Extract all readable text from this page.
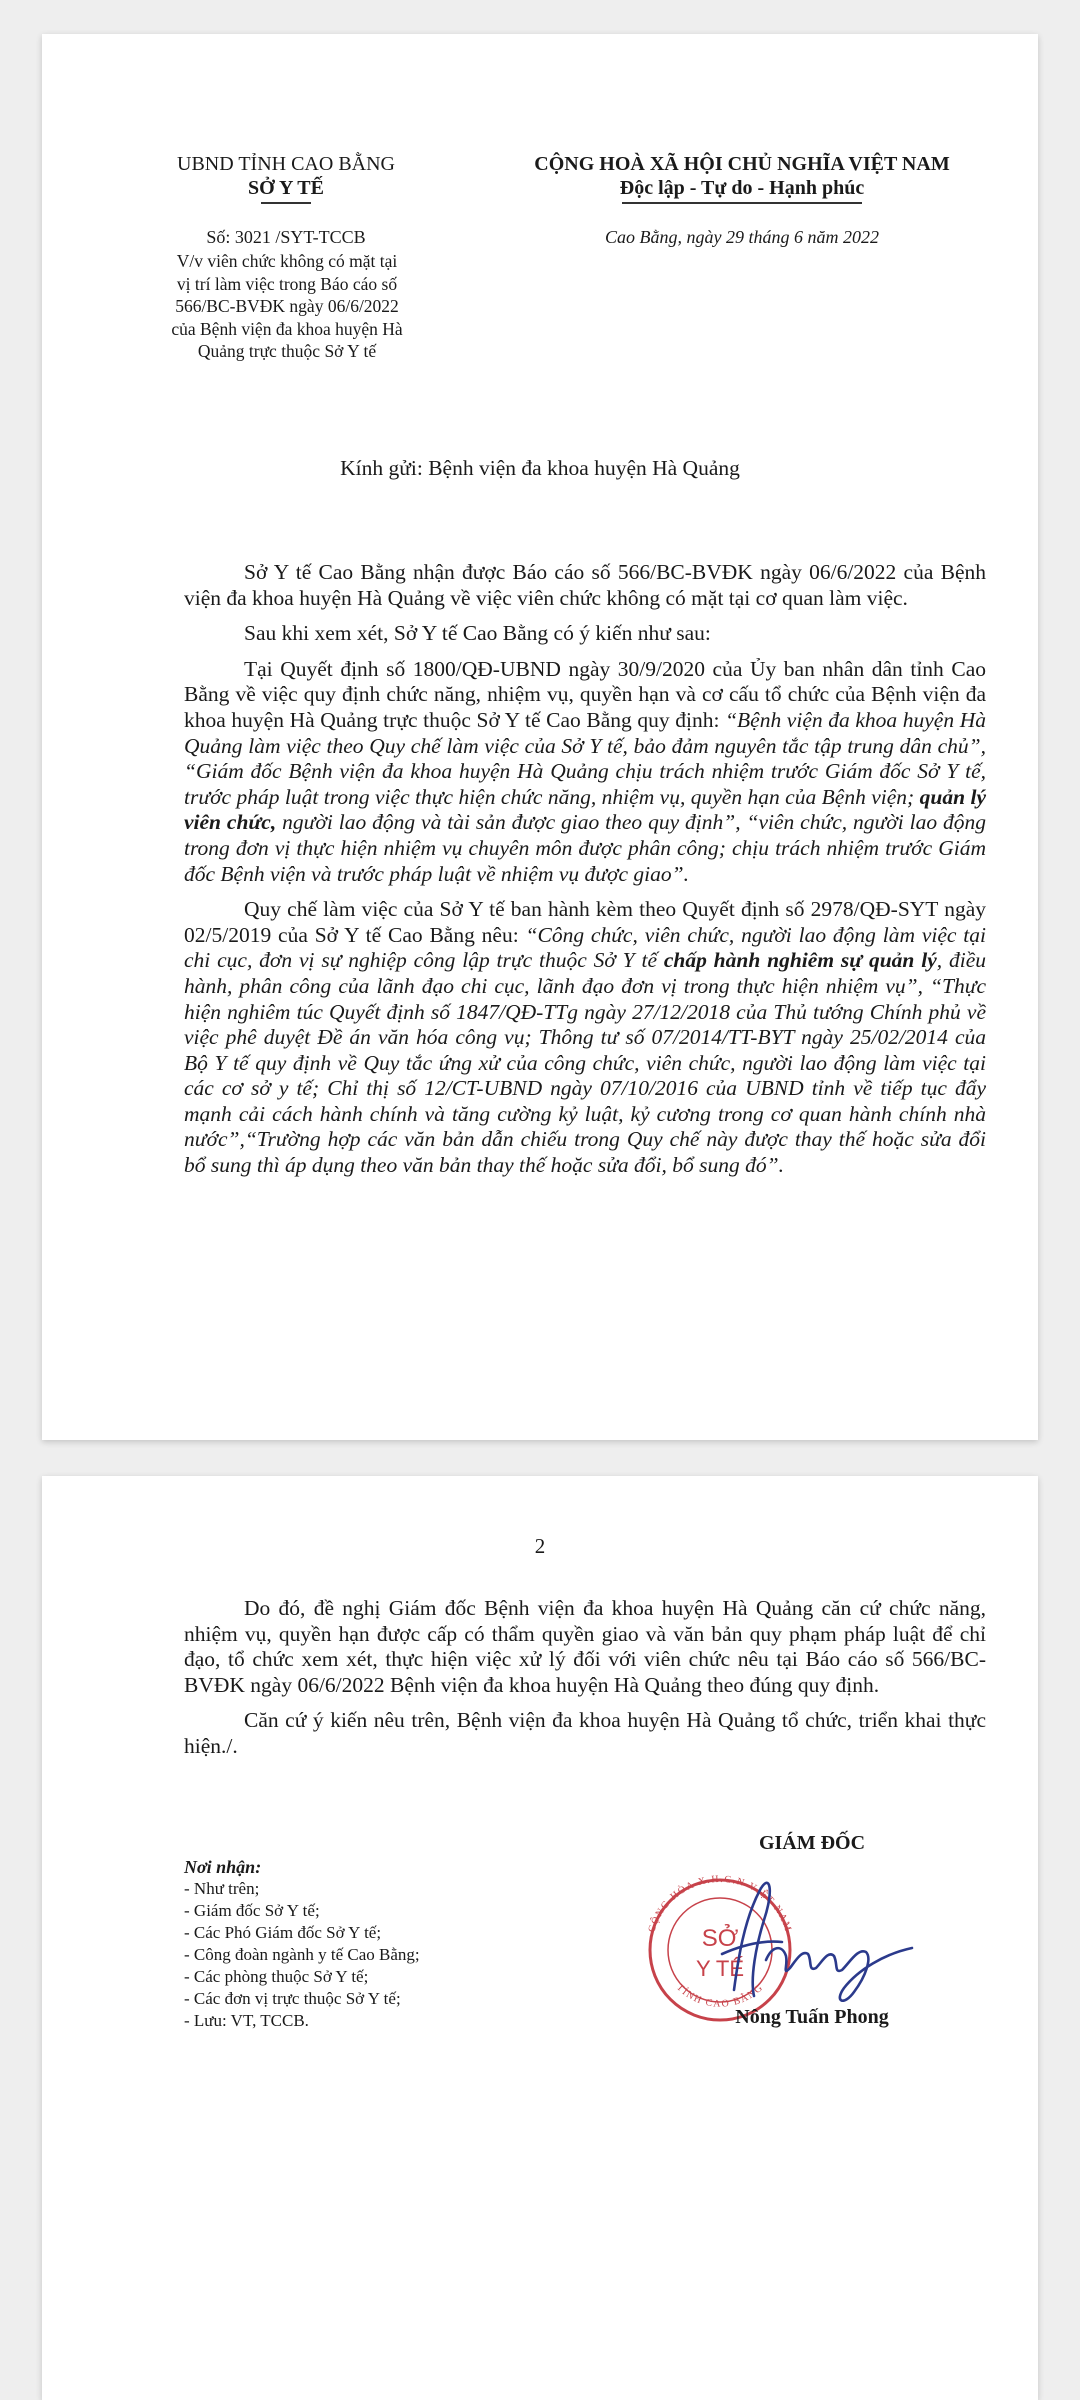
UBND TỈNH CAO BẰNG
SỞ Y TẾ
CỘNG HOÀ XÃ HỘI CHỦ NGHĨA VIỆT NAM
Độc lập - Tự do - Hạnh phúc
Số: 3021 /SYT-TCCB	Cao Bằng, ngày 29 tháng 6 năm 2022
V/v viên chức không có mặt tại vị trí làm việc trong Báo cáo số 566/BC-BVĐK ngày 06/6/2022 của Bệnh viện đa khoa huyện Hà Quảng trực thuộc Sở Y tế
Kính gửi: Bệnh viện đa khoa huyện Hà Quảng

Sở Y tế Cao Bằng nhận được Báo cáo số 566/BC-BVĐK ngày 06/6/2022 của Bệnh viện đa khoa huyện Hà Quảng về việc viên chức không có mặt tại cơ quan làm việc.

Sau khi xem xét, Sở Y tế Cao Bằng có ý kiến như sau:

Tại Quyết định số 1800/QĐ-UBND ngày 30/9/2020 của Ủy ban nhân dân tỉnh Cao Bằng về việc quy định chức năng, nhiệm vụ, quyền hạn và cơ cấu tổ chức của Bệnh viện đa khoa huyện Hà Quảng trực thuộc Sở Y tế Cao Bằng quy định: “Bệnh viện đa khoa huyện Hà Quảng làm việc theo Quy chế làm việc của Sở Y tế, bảo đảm nguyên tắc tập trung dân chủ”, “Giám đốc Bệnh viện đa khoa huyện Hà Quảng chịu trách nhiệm trước Giám đốc Sở Y tế, trước pháp luật trong việc thực hiện chức năng, nhiệm vụ, quyền hạn của Bệnh viện; quản lý viên chức, người lao động và tài sản được giao theo quy định”, “viên chức, người lao động trong đơn vị thực hiện nhiệm vụ chuyên môn được phân công; chịu trách nhiệm trước Giám đốc Bệnh viện và trước pháp luật về nhiệm vụ được giao”.

Quy chế làm việc của Sở Y tế ban hành kèm theo Quyết định số 2978/QĐ-SYT ngày 02/5/2019 của Sở Y tế Cao Bằng nêu: “Công chức, viên chức, người lao động làm việc tại chi cục, đơn vị sự nghiệp công lập trực thuộc Sở Y tế chấp hành nghiêm sự quản lý, điều hành, phân công của lãnh đạo chi cục, lãnh đạo đơn vị trong thực hiện nhiệm vụ”, “Thực hiện nghiêm túc Quyết định số 1847/QĐ-TTg ngày 27/12/2018 của Thủ tướng Chính phủ về việc phê duyệt Đề án văn hóa công vụ; Thông tư số 07/2014/TT-BYT ngày 25/02/2014 của Bộ Y tế quy định về Quy tắc ứng xử của công chức, viên chức, người lao động làm việc tại các cơ sở y tế; Chỉ thị số 12/CT-UBND ngày 07/10/2016 của UBND tỉnh về tiếp tục đẩy mạnh cải cách hành chính và tăng cường kỷ luật, kỷ cương trong cơ quan hành chính nhà nước”,“Trường hợp các văn bản dẫn chiếu trong Quy chế này được thay thế hoặc sửa đổi bổ sung thì áp dụng theo văn bản thay thế hoặc sửa đổi, bổ sung đó”.

2

Do đó, đề nghị Giám đốc Bệnh viện đa khoa huyện Hà Quảng căn cứ chức năng, nhiệm vụ, quyền hạn được cấp có thẩm quyền giao và văn bản quy phạm pháp luật để chỉ đạo, tổ chức xem xét, thực hiện việc xử lý đối với viên chức nêu tại Báo cáo số 566/BC-BVĐK ngày 06/6/2022 Bệnh viện đa khoa huyện Hà Quảng theo đúng quy định.

Căn cứ ý kiến nêu trên, Bệnh viện đa khoa huyện Hà Quảng tổ chức, triển khai thực hiện./.

Nơi nhận:
- Như trên;
- Giám đốc Sở Y tế;
- Các Phó Giám đốc Sở Y tế;
- Công đoàn ngành y tế Cao Bằng;
- Các phòng thuộc Sở Y tế;
- Các đơn vị trực thuộc Sở Y tế;
- Lưu: VT, TCCB.
GIÁM ĐỐC
CỘNG HÒA X.H.C.N VIỆT NAM
TỈNH CAO BẰNG
SỞ
Y TẾ
Nông Tuấn Phong
